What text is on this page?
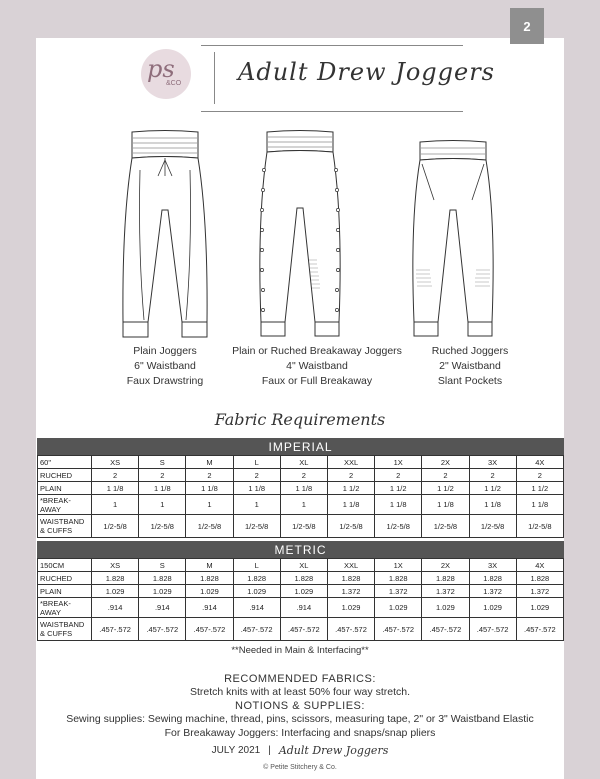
2
ps
&CO Adult Drew Joggers
Plain Joggers
6" Waistband
Faux Drawstring
Plain or Ruched Breakaway Joggers
4" Waistband
Faux or Full Breakaway
Ruched Joggers
2" Waistband
Slant Pockets
Fabric Requirements
IMPERIAL
60"	XS	S	M	L	XL	XXL	1X	2X	3X	4X
RUCHED	2	2	2	2	2	2	2	2	2	2
PLAIN	1 1/8	1 1/8	1 1/8	1 1/8	1 1/8	1 1/2	1 1/2	1 1/2	1 1/2	1 1/2
*BREAK-AWAY	1	1	1	1	1	1 1/8	1 1/8	1 1/8	1 1/8	1 1/8
WAISTBAND & CUFFS	1/2-5/8	1/2-5/8	1/2-5/8	1/2-5/8	1/2-5/8	1/2-5/8	1/2-5/8	1/2-5/8	1/2-5/8	1/2-5/8
METRIC
150CM	XS	S	M	L	XL	XXL	1X	2X	3X	4X
RUCHED	1.828	1.828	1.828	1.828	1.828	1.828	1.828	1.828	1.828	1.828
PLAIN	1.029	1.029	1.029	1.029	1.029	1.372	1.372	1.372	1.372	1.372
*BREAK-AWAY	.914	.914	.914	.914	.914	1.029	1.029	1.029	1.029	1.029
WAISTBAND & CUFFS	.457-.572	.457-.572	.457-.572	.457-.572	.457-.572	.457-.572	.457-.572	.457-.572	.457-.572	.457-.572
**Needed in Main & Interfacing**
RECOMMENDED FABRICS:
Stretch knits with at least 50% four way stretch.
NOTIONS & SUPPLIES:
Sewing supplies: Sewing machine, thread, pins, scissors, measuring tape, 2" or 3" Waistband Elastic
For Breakaway Joggers: Interfacing and snaps/snap pliers
JULY 2021 | Adult Drew Joggers
© Petite Stitchery & Co.
